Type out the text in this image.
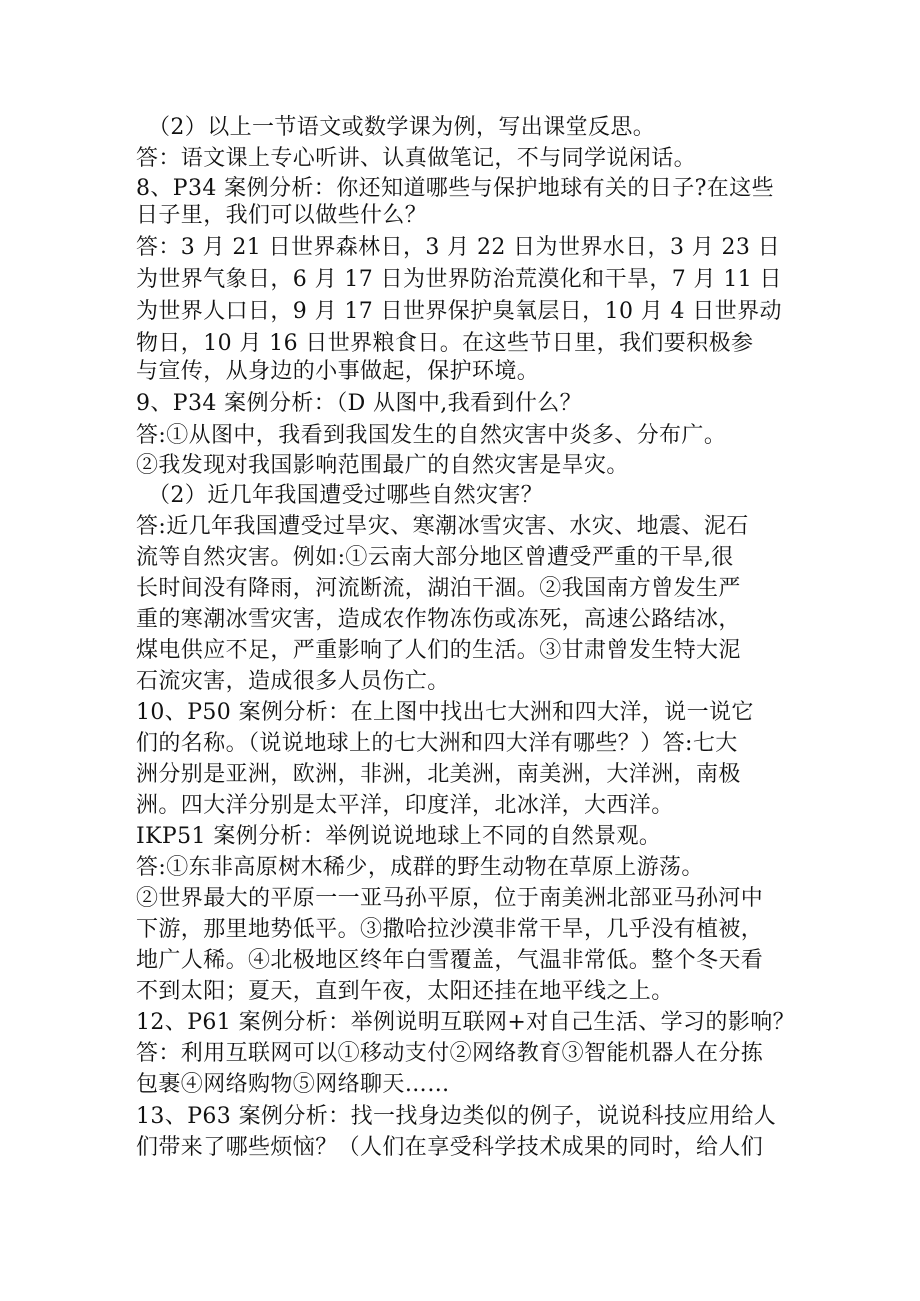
（2）以上一节语文或数学课为例，写出课堂反思。
答：语文课上专心听讲、认真做笔记，不与同学说闲话。
8、P34 案例分析：你还知道哪些与保护地球有关的日子?在这些
日子里，我们可以做些什么？
答：3 月 21 日世界森林日，3 月 22 日为世界水日，3 月 23 日
为世界气象日，6 月 17 日为世界防治荒漠化和干旱，7 月 11 日
为世界人口日，9 月 17 日世界保护臭氧层日，10 月 4 日世界动
物日，10 月 16 日世界粮食日。在这些节日里，我们要积极参
与宣传，从身边的小事做起，保护环境。
9、P34 案例分析：（D 从图中,我看到什么？
答:①从图中，我看到我国发生的自然灾害中炎多、分布广。
②我发现对我国影响范围最广的自然灾害是旱灾。
（2）近几年我国遭受过哪些自然灾害？
答:近几年我国遭受过旱灾、寒潮冰雪灾害、水灾、地震、泥石
流等自然灾害。例如:①云南大部分地区曾遭受严重的干旱,很
长时间没有降雨，河流断流，湖泊干涸。②我国南方曾发生严
重的寒潮冰雪灾害，造成农作物冻伤或冻死，高速公路结冰，
煤电供应不足，严重影响了人们的生活。③甘肃曾发生特大泥
石流灾害，造成很多人员伤亡。
10、P50 案例分析：在上图中找出七大洲和四大洋，说一说它
们的名称。（说说地球上的七大洲和四大洋有哪些？）答:七大
洲分别是亚洲，欧洲，非洲，北美洲，南美洲，大洋洲，南极
洲。四大洋分别是太平洋，印度洋，北冰洋，大西洋。
IKP51 案例分析：举例说说地球上不同的自然景观。
答:①东非高原树木稀少，成群的野生动物在草原上游荡。
②世界最大的平原一一亚马孙平原，位于南美洲北部亚马孙河中
下游，那里地势低平。③撒哈拉沙漠非常干旱，几乎没有植被，
地广人稀。④北极地区终年白雪覆盖，气温非常低。整个冬天看
不到太阳；夏天，直到午夜，太阳还挂在地平线之上。
12、P61 案例分析：举例说明互联网+对自己生活、学习的影响？
答：利用互联网可以①移动支付②网络教育③智能机器人在分拣
包裹④网络购物⑤网络聊天……
13、P63 案例分析：找一找身边类似的例子，说说科技应用给人
们带来了哪些烦恼？（人们在享受科学技术成果的同时，给人们
